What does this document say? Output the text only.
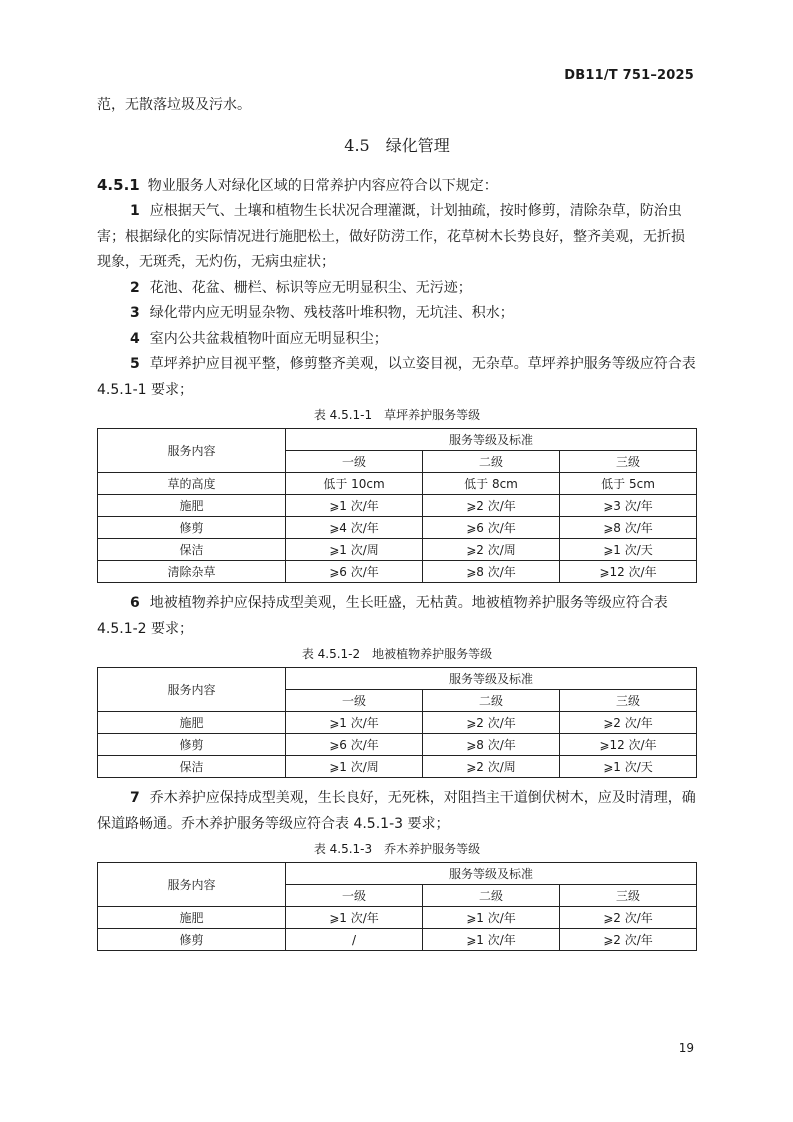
DB11/T 751–2025

范，无散落垃圾及污水。

4.5　绿化管理

4.5.1 物业服务人对绿化区域的日常养护内容应符合以下规定：

1 应根据天气、土壤和植物生长状况合理灌溉，计划抽疏，按时修剪，清除杂草，防治虫害；根据绿化的实际情况进行施肥松土，做好防涝工作，花草树木长势良好，整齐美观，无折损现象，无斑秃，无灼伤，无病虫症状；

2 花池、花盆、栅栏、标识等应无明显积尘、无污迹；

3 绿化带内应无明显杂物、残枝落叶堆积物，无坑洼、积水；

4 室内公共盆栽植物叶面应无明显积尘；

5 草坪养护应目视平整，修剪整齐美观，以立姿目视，无杂草。草坪养护服务等级应符合表 4.5.1-1 要求；

表 4.5.1-1　草坪养护服务等级
服务内容	服务等级及标准		
	一级	二级	三级
草的高度	低于 10cm	低于 8cm	低于 5cm
施肥	⩾1 次/年	⩾2 次/年	⩾3 次/年
修剪	⩾4 次/年	⩾6 次/年	⩾8 次/年
保洁	⩾1 次/周	⩾2 次/周	⩾1 次/天
清除杂草	⩾6 次/年	⩾8 次/年	⩾12 次/年

6 地被植物养护应保持成型美观，生长旺盛，无枯黄。地被植物养护服务等级应符合表 4.5.1-2 要求；

表 4.5.1-2　地被植物养护服务等级
服务内容	服务等级及标准		
	一级	二级	三级
施肥	⩾1 次/年	⩾2 次/年	⩾2 次/年
修剪	⩾6 次/年	⩾8 次/年	⩾12 次/年
保洁	⩾1 次/周	⩾2 次/周	⩾1 次/天

7 乔木养护应保持成型美观，生长良好，无死株，对阻挡主干道倒伏树木，应及时清理，确保道路畅通。乔木养护服务等级应符合表 4.5.1-3 要求；

表 4.5.1-3　乔木养护服务等级
服务内容	服务等级及标准		
	一级	二级	三级
施肥	⩾1 次/年	⩾1 次/年	⩾2 次/年
修剪	/	⩾1 次/年	⩾2 次/年
19
